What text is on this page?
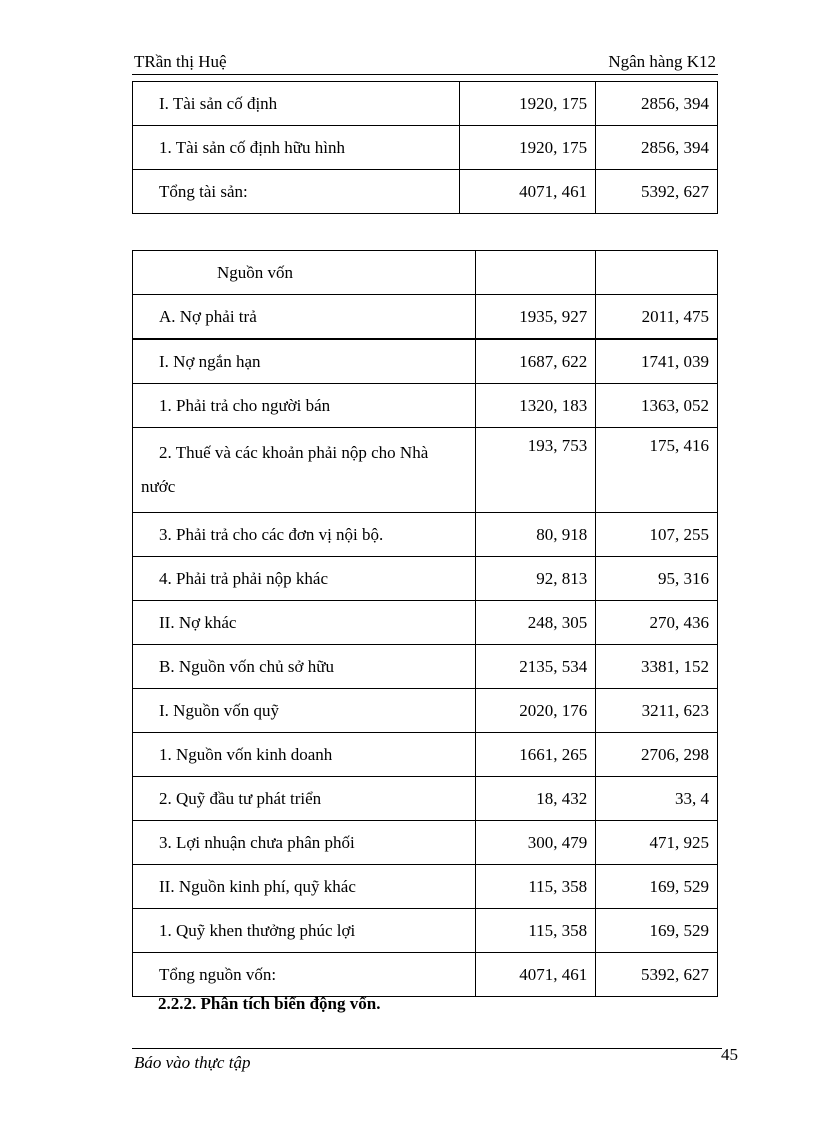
TRần thị Huệ	Ngân hàng K12
I. Tài sản cố định	1920, 175	2856, 394
1. Tài sản cố định hữu hình	1920, 175	2856, 394
Tổng tài sản:	4071, 461	5392, 627
Nguồn vốn		
A. Nợ phải trả	1935, 927	2011, 475
I. Nợ ngắn hạn	1687, 622	1741, 039
1. Phải trả cho người bán	1320, 183	1363, 052
2. Thuế và các khoản phải nộp cho Nhà
nước	193, 753	175, 416
3. Phải trả cho các đơn vị nội bộ.	80, 918	107, 255
4. Phải trả phải nộp khác	92, 813	95, 316
II. Nợ khác	248, 305	270, 436
B. Nguồn vốn chủ sở hữu	2135, 534	3381, 152
I. Nguồn vốn quỹ	2020, 176	3211, 623
1. Nguồn vốn kinh doanh	1661, 265	2706, 298
2. Quỹ đầu tư phát triển	18, 432	33, 4
3. Lợi nhuận chưa phân phối	300, 479	471, 925
II. Nguồn kinh phí, quỹ khác	115, 358	169, 529
1. Quỹ khen thưởng phúc lợi	115, 358	169, 529
Tổng nguồn vốn:	4071, 461	5392, 627
2.2.2. Phân tích biến động vốn.
Báo vào thực tập	45
